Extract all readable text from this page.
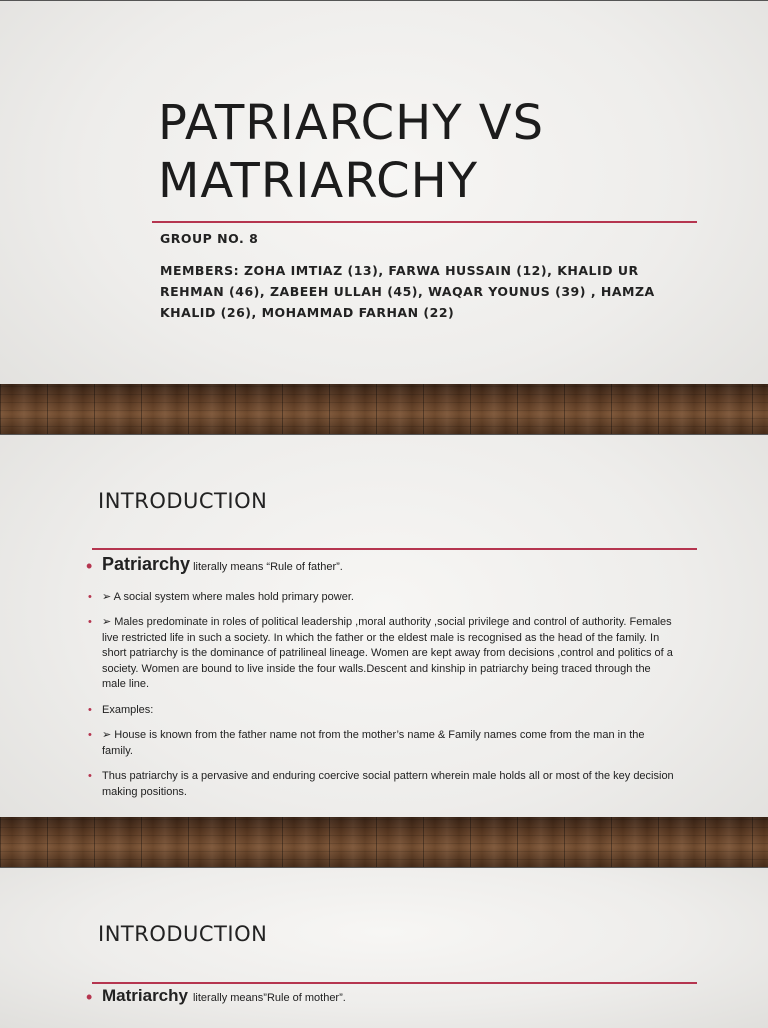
PATRIARCHY VS
MATRIARCHY
GROUP NO. 8
MEMBERS: ZOHA IMTIAZ (13), FARWA HUSSAIN (12), KHALID UR REHMAN (46), ZABEEH ULLAH (45), WAQAR YOUNUS (39) , HAMZA KHALID (26), MOHAMMAD FARHAN (22)
INTRODUCTION
• Patriarchy literally means “Rule of father”.
• ➢ A social system where males hold primary power.
• ➢ Males predominate in roles of political leadership ,moral authority ,social privilege and control of authority. Females live restricted life in such a society. In which the father or the eldest male is recognised as the head of the family. In short patriarchy is the dominance of patrilineal lineage. Women are kept away from decisions ,control and politics of a society. Women are bound to live inside the four walls.Descent and kinship in patriarchy being traced through the male line.
• Examples:
• ➢ House is known from the father name not from the mother’s name & Family names come from the man in the family.
• Thus patriarchy is a pervasive and enduring coercive social pattern wherein male holds all or most of the key decision making positions.
INTRODUCTION
• Matriarchy literally means”Rule of mother”.
